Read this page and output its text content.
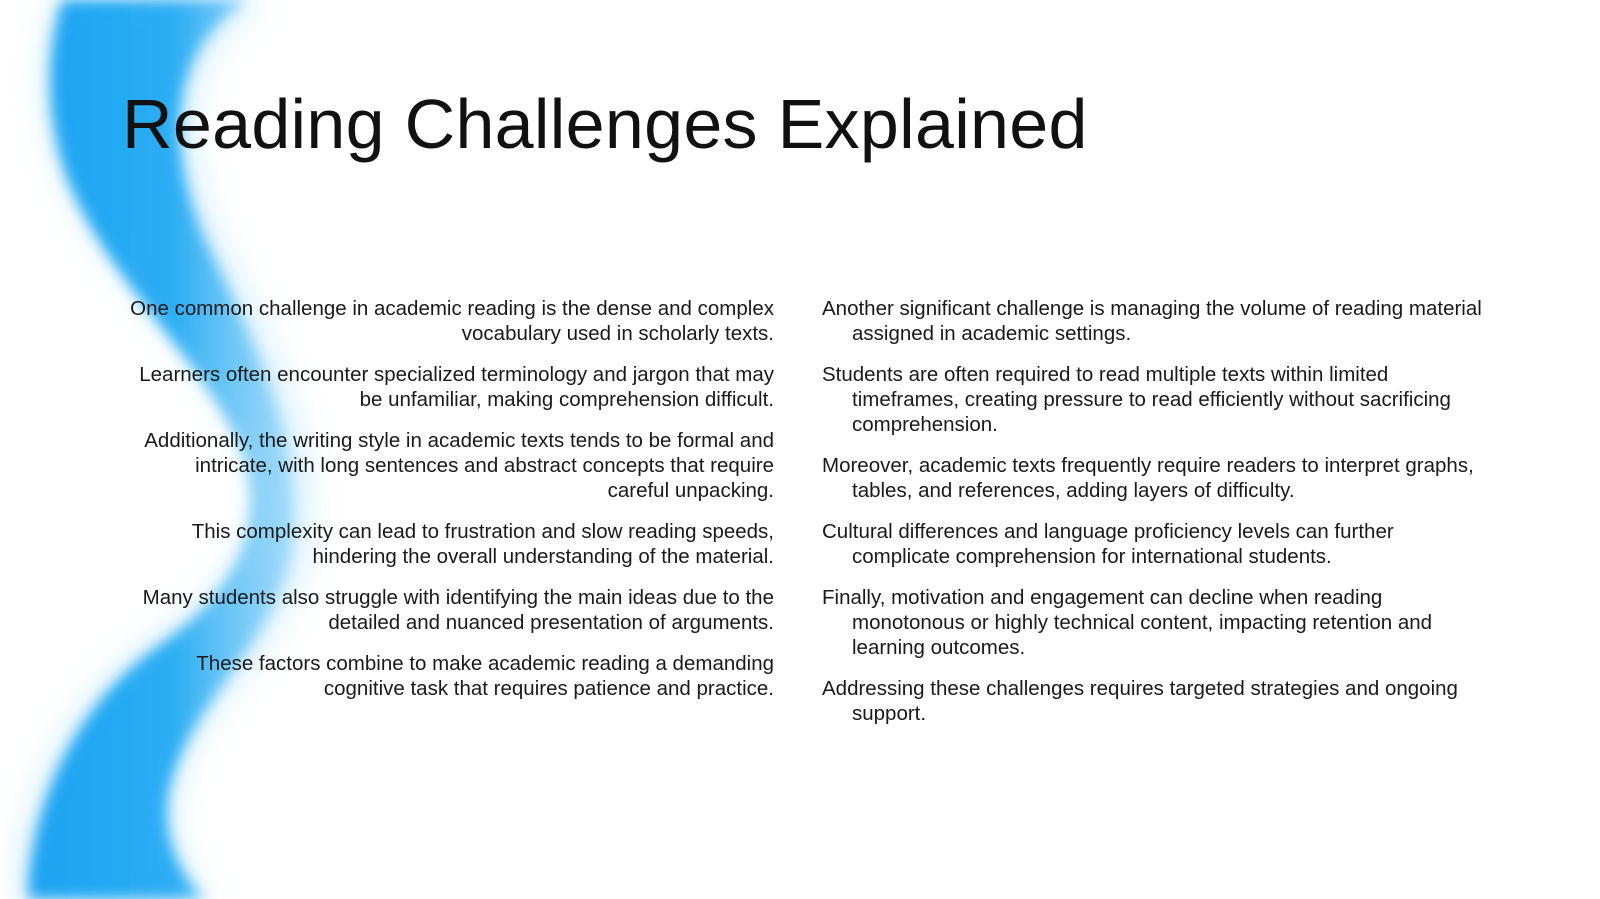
Reading Challenges Explained

One common challenge in academic reading is the dense and complex vocabulary used in scholarly texts.

Learners often encounter specialized terminology and jargon that may be unfamiliar, making comprehension difficult.

Additionally, the writing style in academic texts tends to be formal and intricate, with long sentences and abstract concepts that require careful unpacking.

This complexity can lead to frustration and slow reading speeds, hindering the overall understanding of the material.

Many students also struggle with identifying the main ideas due to the detailed and nuanced presentation of arguments.

These factors combine to make academic reading a demanding cognitive task that requires patience and practice.

Another significant challenge is managing the volume of reading material assigned in academic settings.

Students are often required to read multiple texts within limited timeframes, creating pressure to read efficiently without sacrificing comprehension.

Moreover, academic texts frequently require readers to interpret graphs, tables, and references, adding layers of difficulty.

Cultural differences and language proficiency levels can further complicate comprehension for international students.

Finally, motivation and engagement can decline when reading monotonous or highly technical content, impacting retention and learning outcomes.

Addressing these challenges requires targeted strategies and ongoing support.
